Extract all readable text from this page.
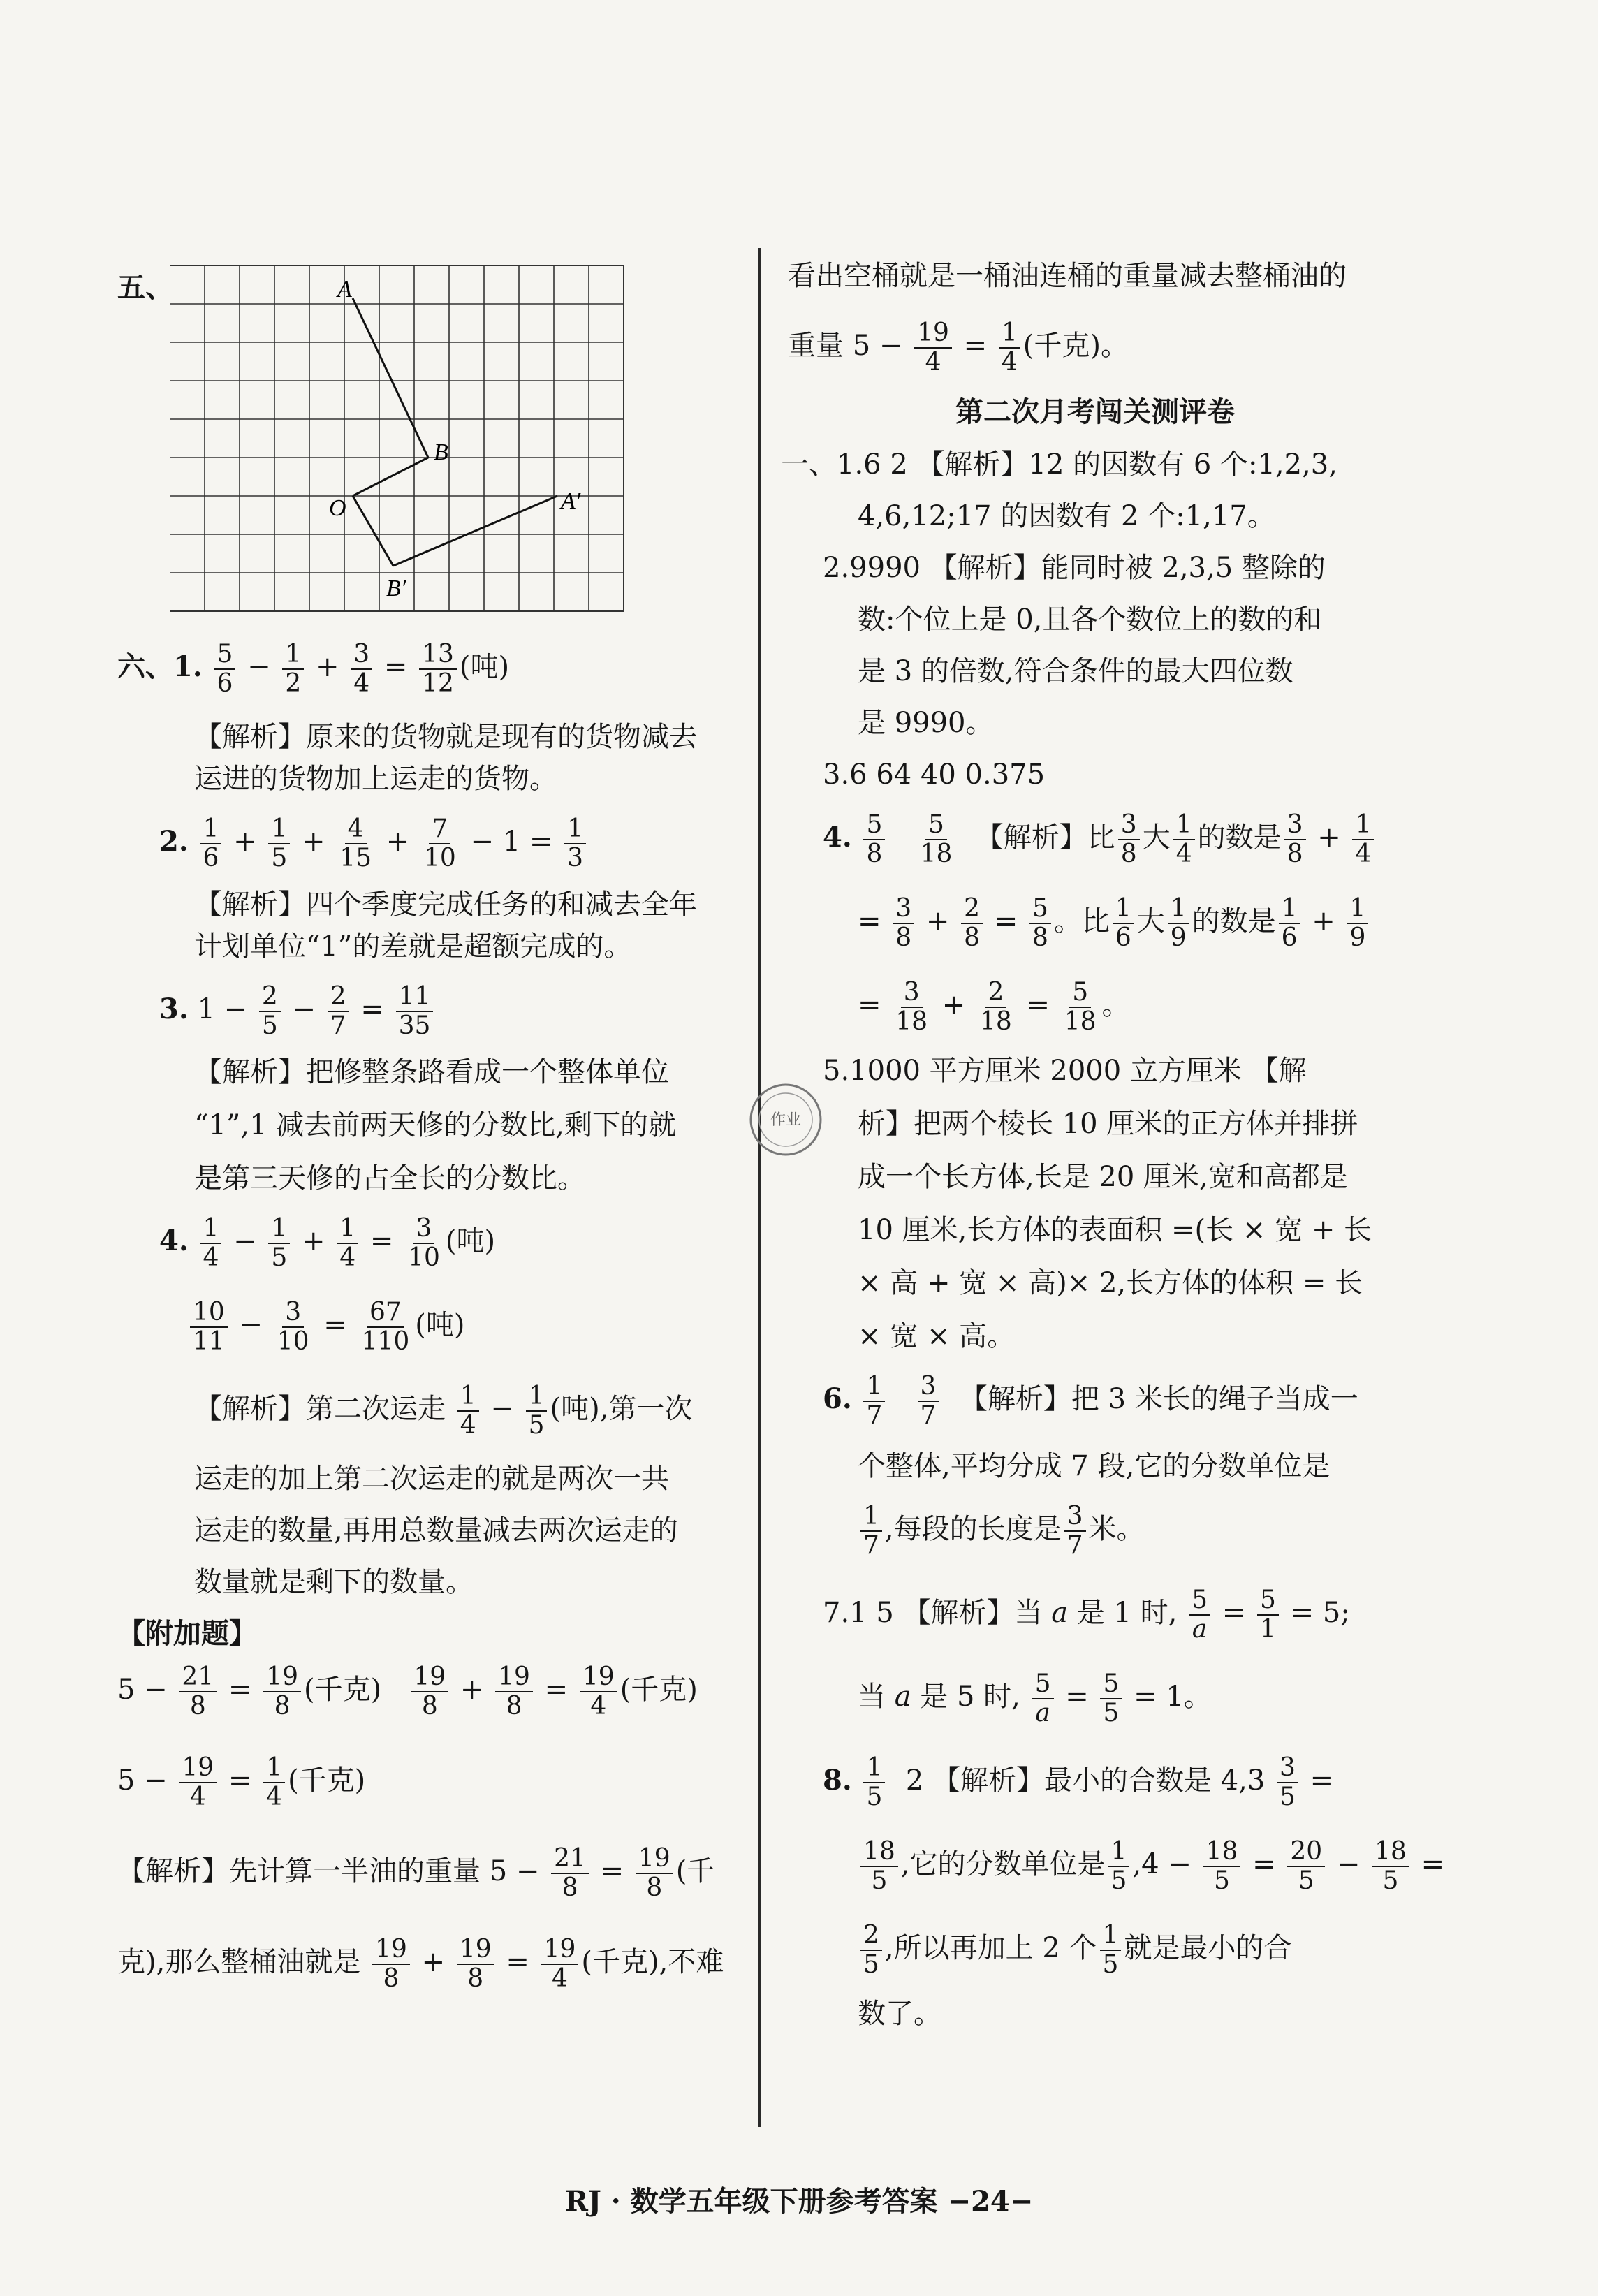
五、	A
B
O	A′
B′
六、1. $\frac{5}{6} - \frac{1}{2} + \frac{3}{4} = \frac{13}{12}$ (吨)
【解析】原来的货物就是现有的货物减去
运进的货物加上运走的货物。
2. $\frac{1}{6} + \frac{1}{5} + \frac{4}{15} + \frac{7}{10} - 1 = \frac{1}{3}$
【解析】四个季度完成任务的和减去全年
计划单位“1”的差就是超额完成的。
3. $1 - \frac{2}{5} - \frac{2}{7} = \frac{11}{35}$
【解析】把修整条路看成一个整体单位
“1”,1 减去前两天修的分数比,剩下的就
是第三天修的占全长的分数比。
4. $\frac{1}{4} - \frac{1}{5} + \frac{1}{4} = \frac{3}{10}$ (吨)
$\frac{10}{11} - \frac{3}{10} = \frac{67}{110}$ (吨)
【解析】第二次运走 $\frac{1}{4} - \frac{1}{5}$ (吨),第一次
运走的加上第二次运走的就是两次一共
运走的数量,再用总数量减去两次运走的
数量就是剩下的数量。
【附加题】
$5 - \frac{21}{8} = \frac{19}{8}$ (千克) $\frac{19}{8} + \frac{19}{8} = \frac{19}{4}$ (千克)
$5 - \frac{19}{4} = \frac{1}{4}$ (千克)
【解析】先计算一半油的重量 $5 - \frac{21}{8} = \frac{19}{8}$ (千
克),那么整桶油就是 $\frac{19}{8} + \frac{19}{8} = \frac{19}{4}$ (千克),不难
看出空桶就是一桶油连桶的重量减去整桶油的
重量 $5 - \frac{19}{4} = \frac{1}{4}$ (千克)。
第二次月考闯关测评卷
一、1.6 2 【解析】12 的因数有 6 个:1,2,3,
4,6,12;17 的因数有 2 个:1,17。
2.9990 【解析】能同时被 2,3,5 整除的
数:个位上是 0,且各个数位上的数的和
是 3 的倍数,符合条件的最大四位数
是 9990。
3.6 64 40 0.375
4. $\frac{5}{8}$
$\frac{5}{18}$ 【解析】比 $\frac{3}{8}$ 大 $\frac{1}{4}$ 的数是 $\frac{3}{8} + \frac{1}{4}$
= $\frac{3}{8} + \frac{2}{8} = \frac{5}{8}$ 。比 $\frac{1}{6}$ 大 $\frac{1}{9}$ 的数是 $\frac{1}{6} + \frac{1}{9}$
= $\frac{3}{18} + \frac{2}{18} = \frac{5}{18}$ 。
5.1000 平方厘米 2000 立方厘米 【解
析】把两个棱长 10 厘米的正方体并排拼
成一个长方体,长是 20 厘米,宽和高都是
10 厘米,长方体的表面积 =(长 × 宽 + 长
× 高 + 宽 × 高)× 2,长方体的体积 = 长
× 宽 × 高。
6. $\frac{1}{7}$
$\frac{3}{7}$ 【解析】把 3 米长的绳子当成一
个整体,平均分成 7 段,它的分数单位是
$\frac{1}{7}$ ,每段的长度是 $\frac{3}{7}$ 米。
7.1 5 【解析】当 a 是 1 时, $\frac{5}{a} = \frac{5}{1} = 5$;
当 a 是 5 时, $\frac{5}{a} = \frac{5}{5} = 1$。
8. $\frac{1}{5} 2$ 【解析】最小的合数是 $4,3 \frac{3}{5}$ =
$\frac{18}{5}$ ,它的分数单位是 $\frac{1}{5} ,4 - \frac{18}{5} = \frac{20}{5} - \frac{18}{5}$ =
$\frac{2}{5}$ ,所以再加上 2 个 $\frac{1}{5}$ 就是最小的合
数了。
作业
RJ · 数学五年级下册参考答案 −24−
